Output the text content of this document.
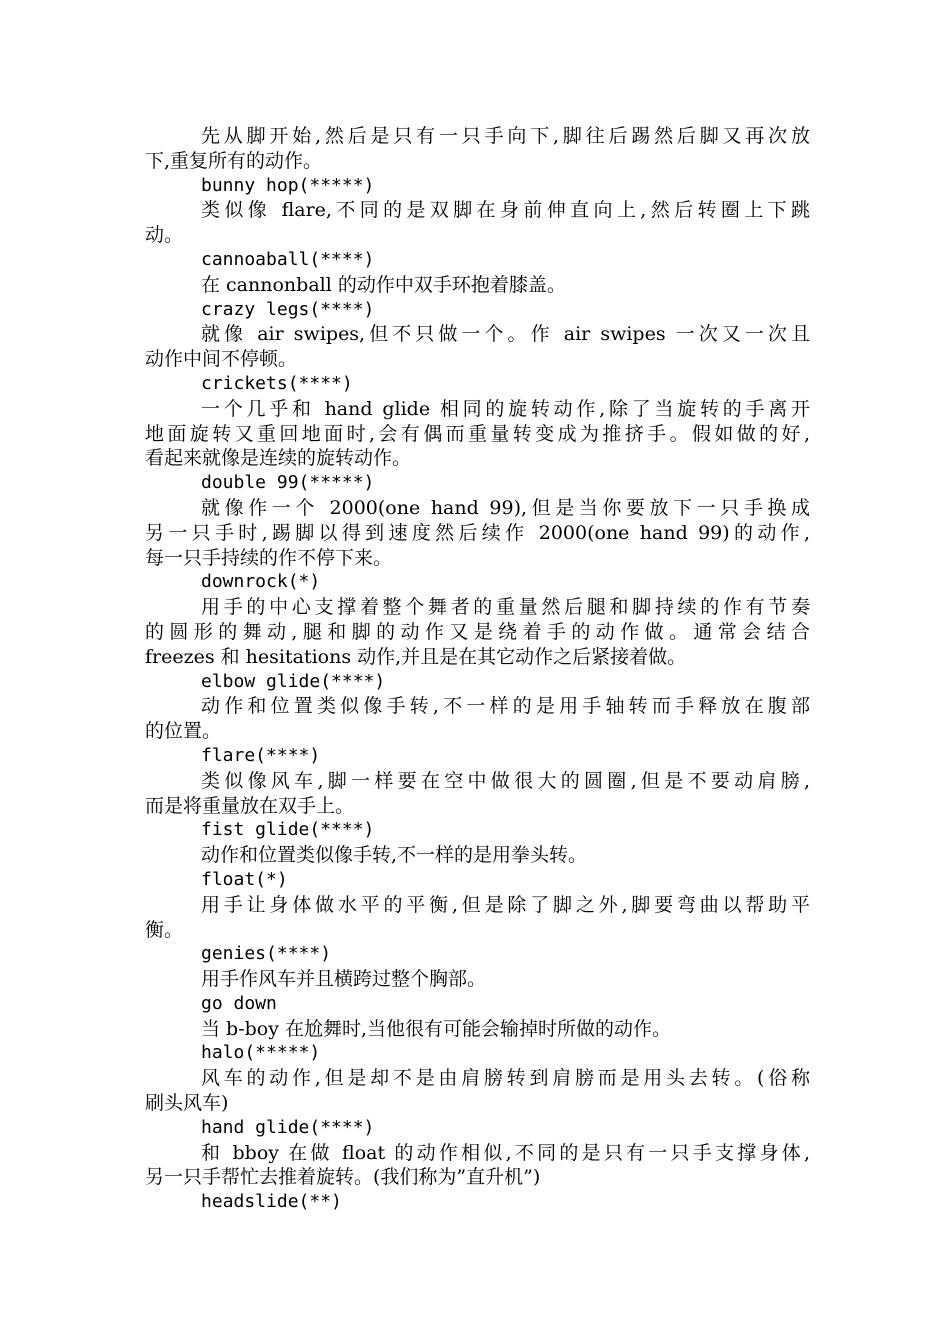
先从脚开始,然后是只有一只手向下,脚往后踢然后脚又再次放
下,重复所有的动作。
bunny hop(*****)
类似像 flare,不同的是双脚在身前伸直向上,然后转圈上下跳
动。
cannoaball(****)
在 cannonball 的动作中双手环抱着膝盖。
crazy legs(****)
就像 air swipes,但不只做一个。作 air swipes 一次又一次且
动作中间不停顿。
crickets(****)
一个几乎和 hand glide 相同的旋转动作,除了当旋转的手离开
地面旋转又重回地面时,会有偶而重量转变成为推挤手。假如做的好,
看起来就像是连续的旋转动作。
double 99(*****)
就像作一个 2000(one hand 99),但是当你要放下一只手换成
另一只手时,踢脚以得到速度然后续作 2000(one hand 99)的动作,
每一只手持续的作不停下来。
downrock(*)
用手的中心支撑着整个舞者的重量然后腿和脚持续的作有节奏
的圆形的舞动,腿和脚的动作又是绕着手的动作做。通常会结合
freezes 和 hesitations 动作,并且是在其它动作之后紧接着做。
elbow glide(****)
动作和位置类似像手转,不一样的是用手轴转而手释放在腹部
的位置。
flare(****)
类似像风车,脚一样要在空中做很大的圆圈,但是不要动肩膀,
而是将重量放在双手上。
fist glide(****)
动作和位置类似像手转,不一样的是用拳头转。
float(*)
用手让身体做水平的平衡,但是除了脚之外,脚要弯曲以帮助平
衡。
genies(****)
用手作风车并且横跨过整个胸部。
go down
当 b-boy 在尬舞时,当他很有可能会输掉时所做的动作。
halo(*****)
风车的动作,但是却不是由肩膀转到肩膀而是用头去转。(俗称
刷头风车)
hand glide(****)
和 bboy 在做 float 的动作相似,不同的是只有一只手支撑身体,
另一只手帮忙去推着旋转。(我们称为”直升机”)
headslide(**)
